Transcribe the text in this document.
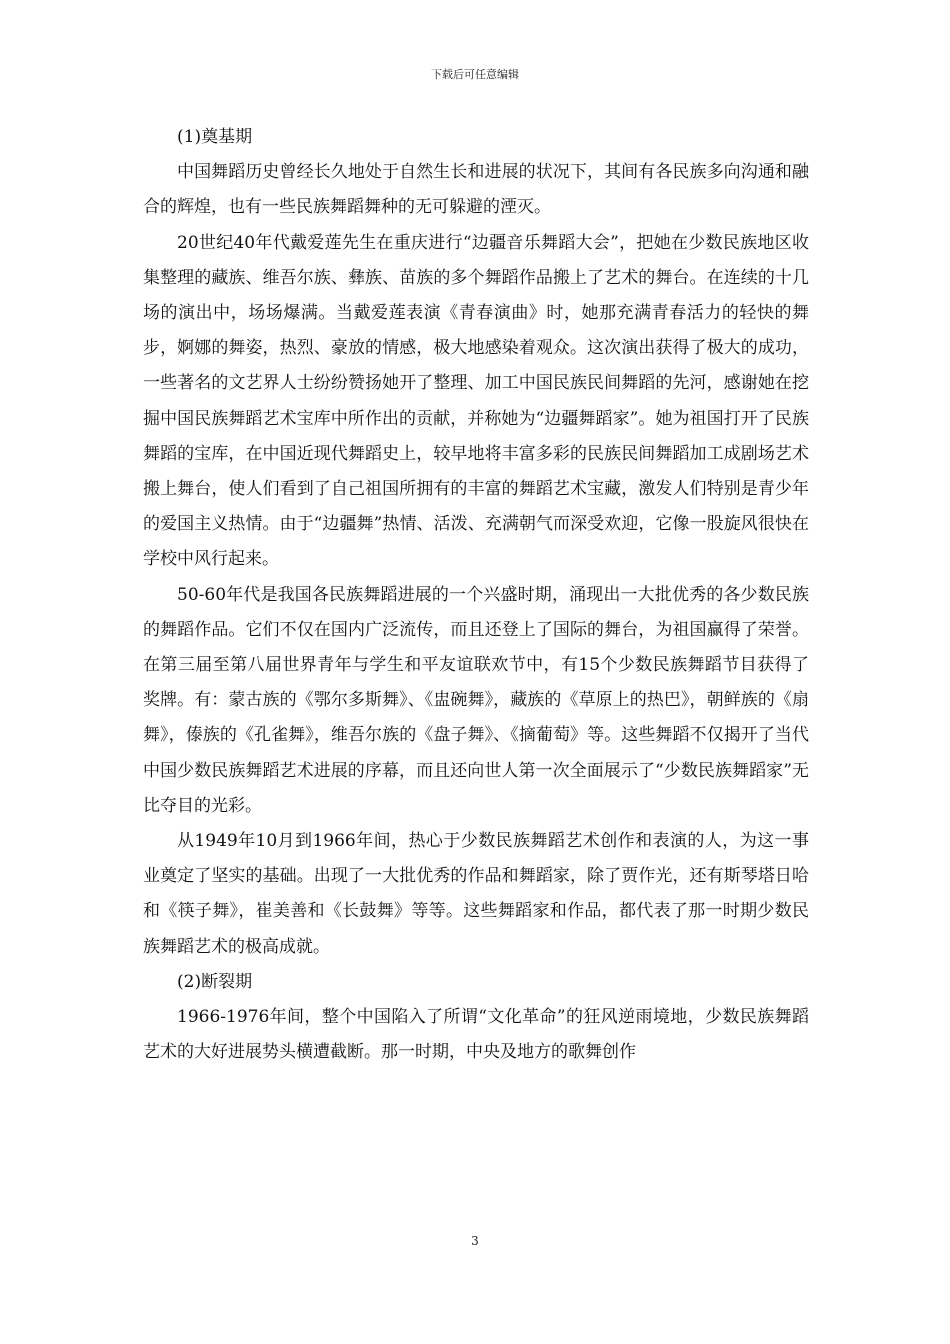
下载后可任意编辑

(1)奠基期

中国舞蹈历史曾经长久地处于自然生长和进展的状况下，其间有各民族多向沟通和融合的辉煌，也有一些民族舞蹈舞种的无可躲避的湮灭。

20世纪40年代戴爱莲先生在重庆进行“边疆音乐舞蹈大会”，把她在少数民族地区收集整理的藏族、维吾尔族、彝族、苗族的多个舞蹈作品搬上了艺术的舞台。在连续的十几场的演出中，场场爆满。当戴爱莲表演《青春演曲》时，她那充满青春活力的轻快的舞步，婀娜的舞姿，热烈、豪放的情感，极大地感染着观众。这次演出获得了极大的成功，一些著名的文艺界人士纷纷赞扬她开了整理、加工中国民族民间舞蹈的先河，感谢她在挖掘中国民族舞蹈艺术宝库中所作出的贡献，并称她为“边疆舞蹈家”。她为祖国打开了民族舞蹈的宝库，在中国近现代舞蹈史上，较早地将丰富多彩的民族民间舞蹈加工成剧场艺术搬上舞台，使人们看到了自己祖国所拥有的丰富的舞蹈艺术宝藏，激发人们特别是青少年的爱国主义热情。由于“边疆舞”热情、活泼、充满朝气而深受欢迎，它像一股旋风很快在学校中风行起来。

50-60年代是我国各民族舞蹈进展的一个兴盛时期，涌现出一大批优秀的各少数民族的舞蹈作品。它们不仅在国内广泛流传，而且还登上了国际的舞台，为祖国赢得了荣誉。在第三届至第八届世界青年与学生和平友谊联欢节中，有15个少数民族舞蹈节目获得了奖牌。有：蒙古族的《鄂尔多斯舞》、《盅碗舞》，藏族的《草原上的热巴》，朝鲜族的《扇舞》，傣族的《孔雀舞》，维吾尔族的《盘子舞》、《摘葡萄》等。这些舞蹈不仅揭开了当代中国少数民族舞蹈艺术进展的序幕，而且还向世人第一次全面展示了“少数民族舞蹈家”无比夺目的光彩。

从1949年10月到1966年间，热心于少数民族舞蹈艺术创作和表演的人，为这一事业奠定了坚实的基础。出现了一大批优秀的作品和舞蹈家，除了贾作光，还有斯琴塔日哈和《筷子舞》，崔美善和《长鼓舞》等等。这些舞蹈家和作品，都代表了那一时期少数民族舞蹈艺术的极高成就。

(2)断裂期

1966-1976年间，整个中国陷入了所谓“文化革命”的狂风逆雨境地，少数民族舞蹈艺术的大好进展势头横遭截断。那一时期，中央及地方的歌舞创作

3
